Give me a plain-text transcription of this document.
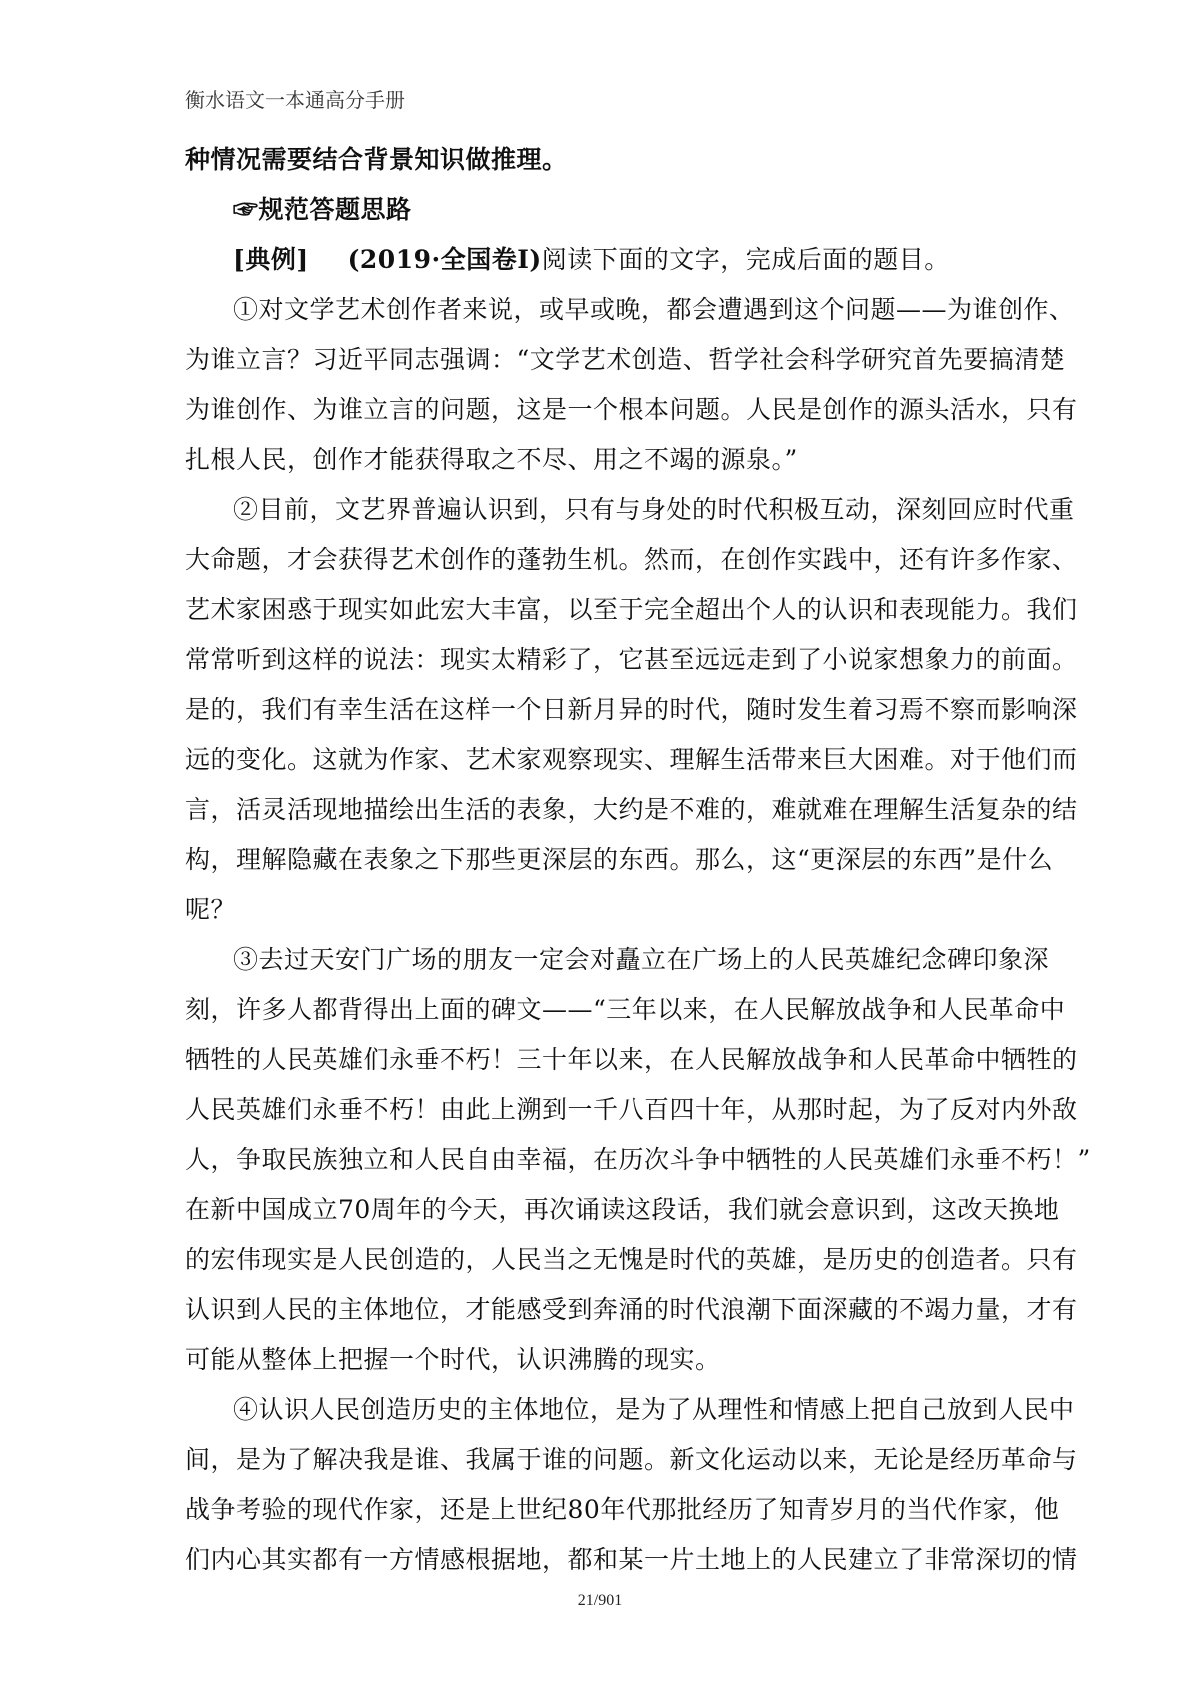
衡水语文一本通高分手册
种情况需要结合背景知识做推理。
☞规范答题思路
[典例] (2019·全国卷Ⅰ)阅读下面的文字，完成后面的题目。
①对文学艺术创作者来说，或早或晚，都会遭遇到这个问题——为谁创作、
为谁立言？习近平同志强调：“文学艺术创造、哲学社会科学研究首先要搞清楚
为谁创作、为谁立言的问题，这是一个根本问题。人民是创作的源头活水，只有
扎根人民，创作才能获得取之不尽、用之不竭的源泉。”
②目前，文艺界普遍认识到，只有与身处的时代积极互动，深刻回应时代重
大命题，才会获得艺术创作的蓬勃生机。然而，在创作实践中，还有许多作家、
艺术家困惑于现实如此宏大丰富，以至于完全超出个人的认识和表现能力。我们
常常听到这样的说法：现实太精彩了，它甚至远远走到了小说家想象力的前面。
是的，我们有幸生活在这样一个日新月异的时代，随时发生着习焉不察而影响深
远的变化。这就为作家、艺术家观察现实、理解生活带来巨大困难。对于他们而
言，活灵活现地描绘出生活的表象，大约是不难的，难就难在理解生活复杂的结
构，理解隐藏在表象之下那些更深层的东西。那么，这“更深层的东西”是什么
呢？
③去过天安门广场的朋友一定会对矗立在广场上的人民英雄纪念碑印象深
刻，许多人都背得出上面的碑文——“三年以来，在人民解放战争和人民革命中
牺牲的人民英雄们永垂不朽！三十年以来，在人民解放战争和人民革命中牺牲的
人民英雄们永垂不朽！由此上溯到一千八百四十年，从那时起，为了反对内外敌
人，争取民族独立和人民自由幸福，在历次斗争中牺牲的人民英雄们永垂不朽！”
在新中国成立70周年的今天，再次诵读这段话，我们就会意识到，这改天换地
的宏伟现实是人民创造的，人民当之无愧是时代的英雄，是历史的创造者。只有
认识到人民的主体地位，才能感受到奔涌的时代浪潮下面深藏的不竭力量，才有
可能从整体上把握一个时代，认识沸腾的现实。
④认识人民创造历史的主体地位，是为了从理性和情感上把自己放到人民中
间，是为了解决我是谁、我属于谁的问题。新文化运动以来，无论是经历革命与
战争考验的现代作家，还是上世纪80年代那批经历了知青岁月的当代作家，他
们内心其实都有一方情感根据地，都和某一片土地上的人民建立了非常深切的情
21/901
